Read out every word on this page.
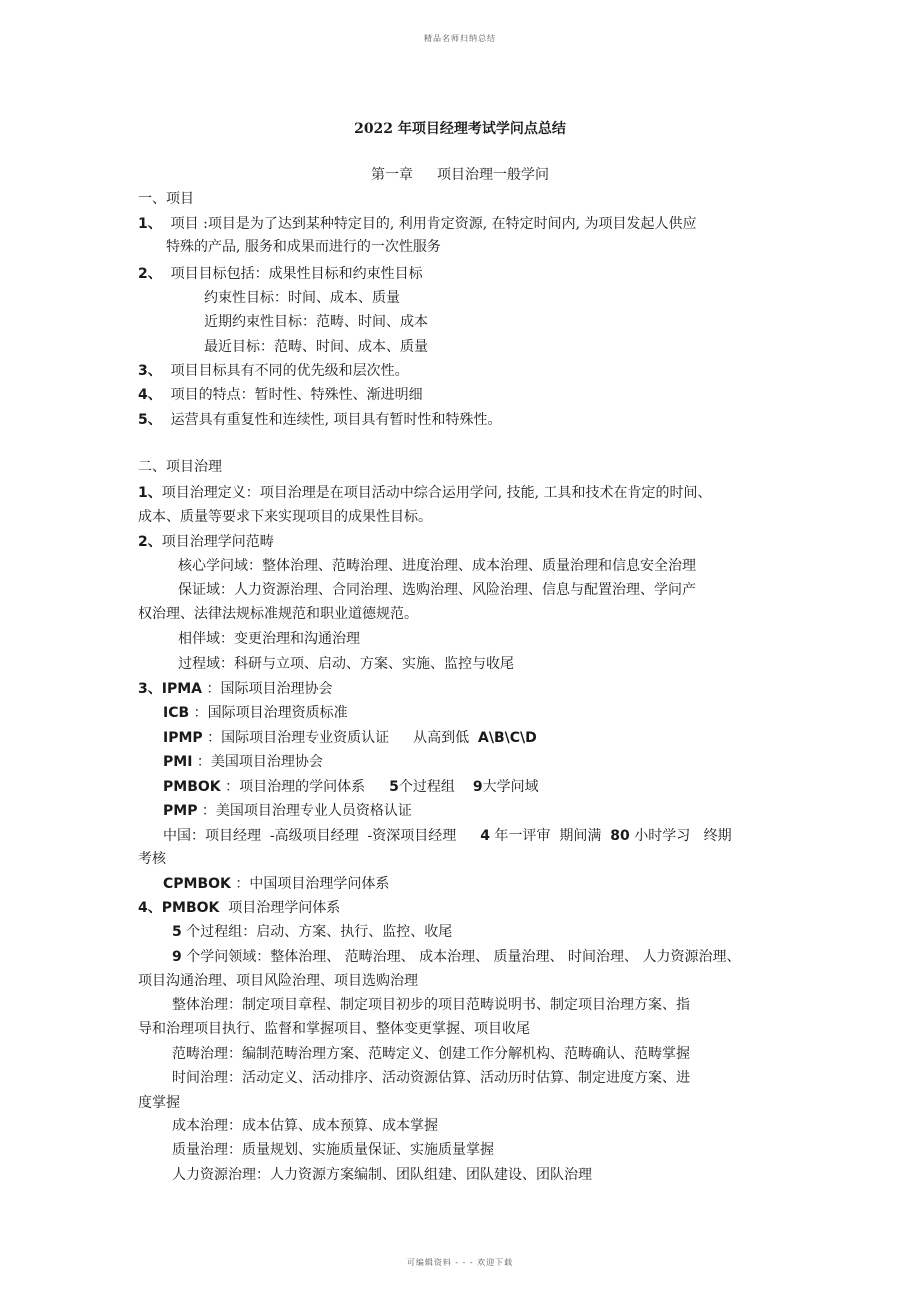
精品名师归纳总结
2022 年项目经理考试学问点总结
第一章 项目治理一般学问
一、项目
1、 项目 :项目是为了达到某种特定目的, 利用肯定资源, 在特定时间内, 为项目发起人供应
特殊的产品, 服务和成果而进行的一次性服务
2、 项目目标包括：成果性目标和约束性目标
约束性目标：时间、成本、质量
近期约束性目标：范畴、时间、成本
最近目标：范畴、时间、成本、质量
3、 项目目标具有不同的优先级和层次性。
4、 项目的特点：暂时性、特殊性、渐进明细
5、 运营具有重复性和连续性, 项目具有暂时性和特殊性。
二、项目治理
1、项目治理定义：项目治理是在项目活动中综合运用学问, 技能, 工具和技术在肯定的时间、
成本、质量等要求下来实现项目的成果性目标。
2、项目治理学问范畴
核心学问域：整体治理、范畴治理、进度治理、成本治理、质量治理和信息安全治理
保证域：人力资源治理、合同治理、选购治理、风险治理、信息与配置治理、学问产
权治理、法律法规标准规范和职业道德规范。
相伴域：变更治理和沟通治理
过程域：科研与立项、启动、方案、实施、监控与收尾
3、IPMA ：国际项目治理协会
ICB ：国际项目治理资质标准
IPMP ：国际项目治理专业资质认证 从高到低 A\B\C\D
PMI ：美国项目治理协会
PMBOK ：项目治理的学问体系 5个过程组 9大学问域
PMP ：美国项目治理专业人员资格认证
中国：项目经理 -高级项目经理 -资深项目经理 4 年一评审 期间满 80 小时学习 终期
考核
CPMBOK ：中国项目治理学问体系
4、PMBOK 项目治理学问体系
5 个过程组：启动、方案、执行、监控、收尾
9 个学问领域：整体治理、 范畴治理、 成本治理、 质量治理、 时间治理、 人力资源治理、
项目沟通治理、项目风险治理、项目选购治理
整体治理：制定项目章程、制定项目初步的项目范畴说明书、制定项目治理方案、指
导和治理项目执行、监督和掌握项目、整体变更掌握、项目收尾
范畴治理：编制范畴治理方案、范畴定义、创建工作分解机构、范畴确认、范畴掌握
时间治理：活动定义、活动排序、活动资源估算、活动历时估算、制定进度方案、进
度掌握
成本治理：成本估算、成本预算、成本掌握
质量治理：质量规划、实施质量保证、实施质量掌握
人力资源治理：人力资源方案编制、团队组建、团队建设、团队治理
可编辑资料 - - - 欢迎下载
